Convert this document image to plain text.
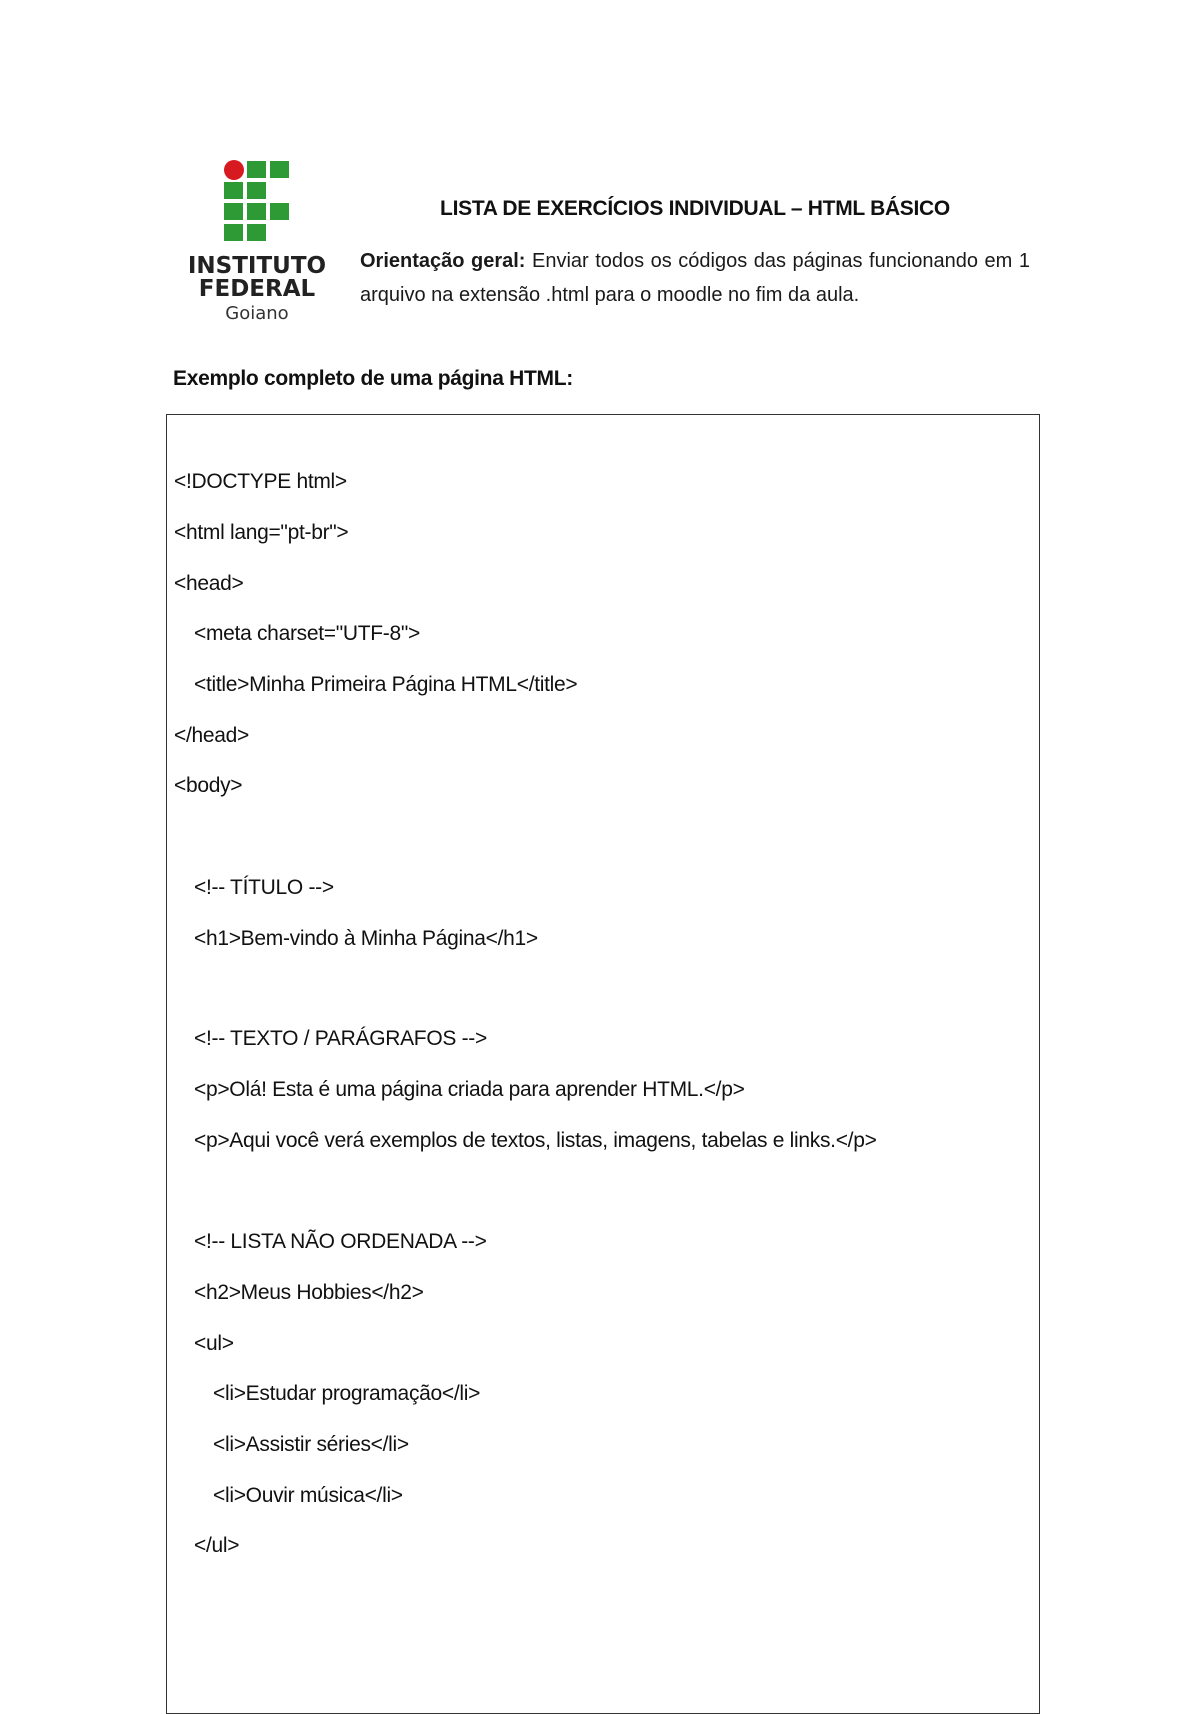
INSTITUTO
FEDERAL
Goiano
LISTA DE EXERCÍCIOS INDIVIDUAL – HTML BÁSICO
Orientação geral: Enviar todos os códigos das páginas funcionando em 1 arquivo na extensão .html para o moodle no fim da aula.
Exemplo completo de uma página HTML:
<!DOCTYPE html>
<html lang="pt-br">
<head>
<meta charset="UTF-8">
<title>Minha Primeira Página HTML</title>
</head>
<body>
<!-- TÍTULO -->
<h1>Bem-vindo à Minha Página</h1>
<!-- TEXTO / PARÁGRAFOS -->
<p>Olá! Esta é uma página criada para aprender HTML.</p>
<p>Aqui você verá exemplos de textos, listas, imagens, tabelas e links.</p>
<!-- LISTA NÃO ORDENADA -->
<h2>Meus Hobbies</h2>
<ul>
<li>Estudar programação</li>
<li>Assistir séries</li>
<li>Ouvir música</li>
</ul>
